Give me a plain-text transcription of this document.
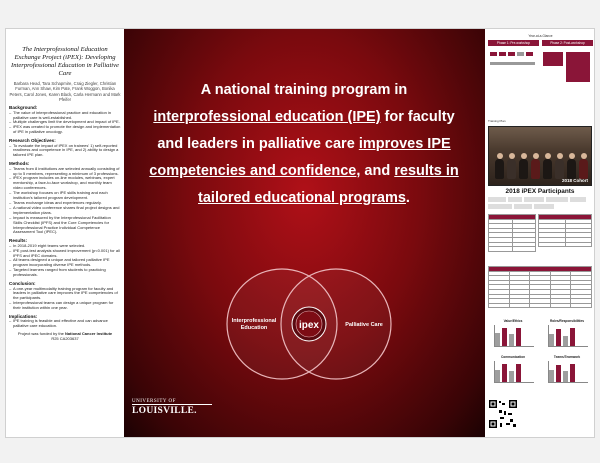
The Interprofessional Education Exchange Project (iPEX): Developing Interprofessional Education in Palliative Care
Barbara Head, Tara Schapmire, Craig Ziegler, Christian Furman, Ann Shaw, Kim Pate, Frank Woggon, Bonika Peters, Carol Jones, Karen Black, Carla Hermann and Mark Pfeifer
Background:
– The value of interprofessional practice and education in palliative care is well-established.
– Multiple challenges limit the development and impact of IPE.
– iPEX was created to promote the design and implementation of IPE in palliative oncology.
Research Objectives:
– To evaluate the impact of iPEX on trainees' 1) self-reported readiness and competence in IPE, and 2) ability to design a tailored IPE plan.
Methods:
– Teams from 8 institutions are selected annually consisting of up to 5 members, representing a minimum of 3 professions.
– iPEX program includes on-line modules, webinars, expert mentorship, a face-to-face workshop, and monthly team video conferences.
– The workshop focuses on IPE skills training and each institution's tailored program development.
– Teams exchange ideas and experiences regularly.
– A national video conference shares final project designs and implementation plans.
– Impact is measured by the Interprofessional Facilitation Skills Checklist (IPFS) and the Core Competencies for Interprofessional Practice Individual Competence Assessment Tool (IPEC).
Results:
– In 2018-2019 eight teams were selected.
– IPE post-test analysis showed improvement (p<0.001) for all IPFS and IPEC domains.
– All teams designed a unique and tailored palliative IPE program incorporating diverse IPE methods.
– Targeted learners ranged from students to practicing professionals.
Conclusion:
– A one-year multimodality training program for faculty and leaders in palliative care improves the IPE competencies of the participants.
– Interprofessional teams can design a unique program for their institution within one year.
Implications:
– IPE training is feasible and effective and can advance palliative care education.
Project was funded by the National Cancer Institute
R25 CA203637
A national training program in interprofessional education (IPE) for faculty and leaders in palliative care improves IPE competencies and confidence, and results in tailored educational programs.
ipex
Interprofessional
Education	Palliative Care
UNIVERSITY OF
LOUISVILLE.
Year-at-a-Glance
Phase 1: Pre-workshop	Phase 2: Post-workshop
Training Plan
2018 Cohort
2018 iPEX Participants

Value/Ethics	Roles/Responsibilities
Communication	Teams/Teamwork
